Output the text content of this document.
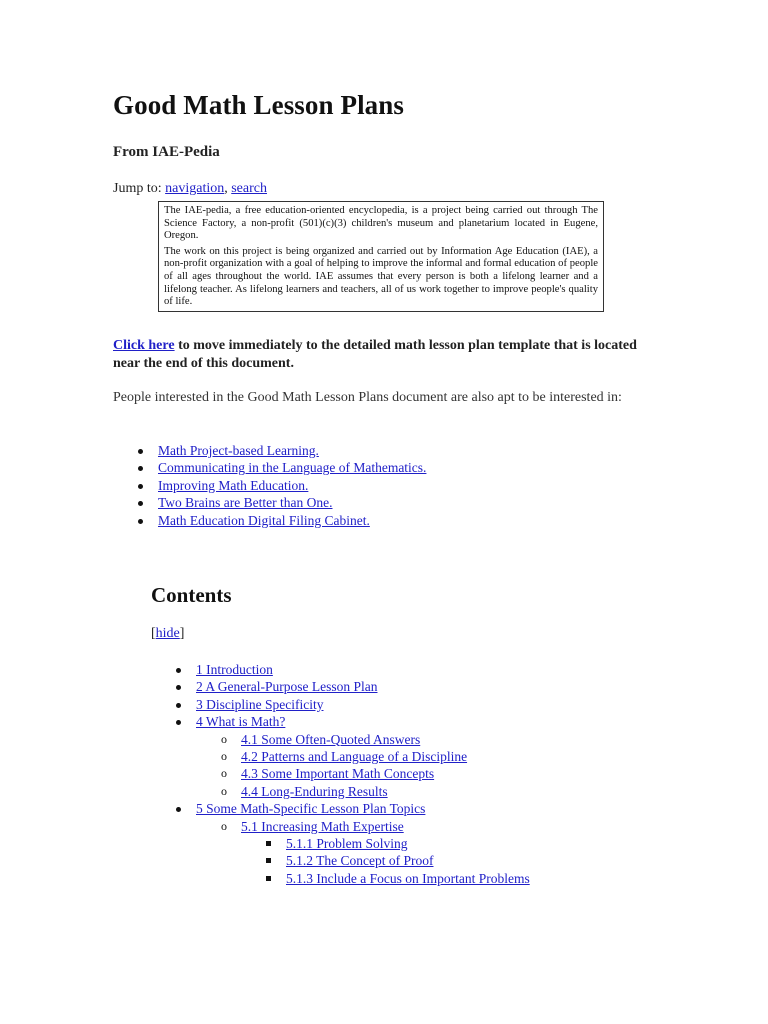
Good Math Lesson Plans
From IAE-Pedia
Jump to: navigation, search

The IAE-pedia, a free education-oriented encyclopedia, is a project being carried out through The Science Factory, a non-profit (501)(c)(3) children's museum and planetarium located in Eugene, Oregon.

The work on this project is being organized and carried out by Information Age Education (IAE), a non-profit organization with a goal of helping to improve the informal and formal education of people of all ages throughout the world. IAE assumes that every person is both a lifelong learner and a lifelong teacher. As lifelong learners and teachers, all of us work together to improve people's quality of life.

Click here to move immediately to the detailed math lesson plan template that is located near the end of this document.

People interested in the Good Math Lesson Plans document are also apt to be interested in:

Math Project-based Learning.
Communicating in the Language of Mathematics.
Improving Math Education.
Two Brains are Better than One.
Math Education Digital Filing Cabinet.
Contents
[hide]
1 Introduction
2 A General-Purpose Lesson Plan
3 Discipline Specificity
4 What is Math?
o 4.1 Some Often-Quoted Answers
o 4.2 Patterns and Language of a Discipline
o 4.3 Some Important Math Concepts
o 4.4 Long-Enduring Results
5 Some Math-Specific Lesson Plan Topics
o 5.1 Increasing Math Expertise
5.1.1 Problem Solving
5.1.2 The Concept of Proof
5.1.3 Include a Focus on Important Problems
